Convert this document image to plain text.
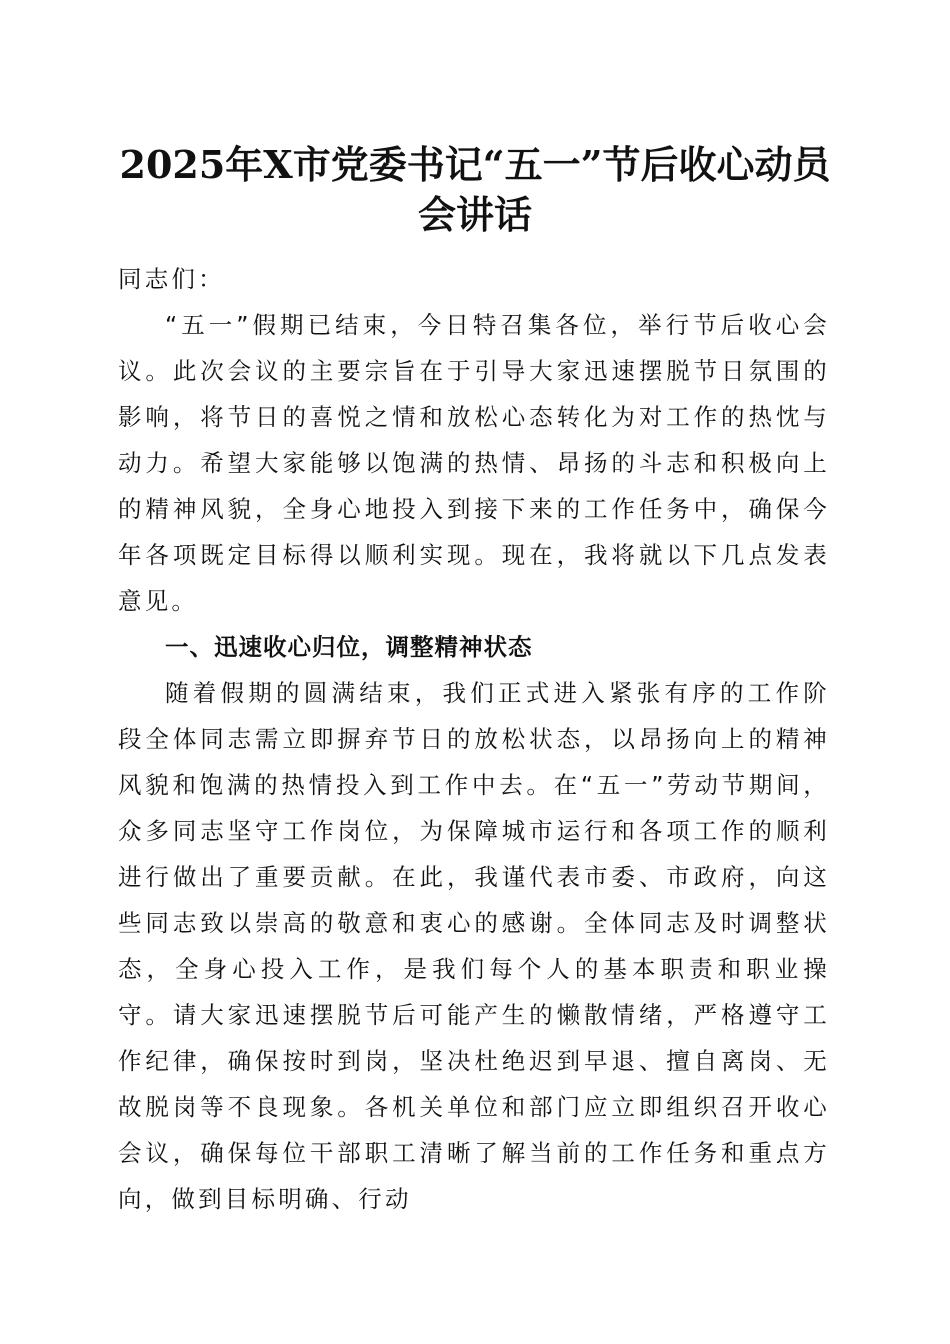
2025年X市党委书记“五一”节后收心动员
会讲话

同志们：

“五一”假期已结束，今日特召集各位，举行节后收心会议。此次会议的主要宗旨在于引导大家迅速摆脱节日氛围的影响，将节日的喜悦之情和放松心态转化为对工作的热忱与动力。希望大家能够以饱满的热情、昂扬的斗志和积极向上的精神风貌，全身心地投入到接下来的工作任务中，确保今年各项既定目标得以顺利实现。现在，我将就以下几点发表意见。

一、迅速收心归位，调整精神状态

随着假期的圆满结束，我们正式进入紧张有序的工作阶段全体同志需立即摒弃节日的放松状态，以昂扬向上的精神风貌和饱满的热情投入到工作中去。在“五一”劳动节期间，众多同志坚守工作岗位，为保障城市运行和各项工作的顺利进行做出了重要贡献。在此，我谨代表市委、市政府，向这些同志致以崇高的敬意和衷心的感谢。全体同志及时调整状态，全身心投入工作，是我们每个人的基本职责和职业操守。请大家迅速摆脱节后可能产生的懒散情绪，严格遵守工作纪律，确保按时到岗，坚决杜绝迟到早退、擅自离岗、无故脱岗等不良现象。各机关单位和部门应立即组织召开收心会议，确保每位干部职工清晰了解当前的工作任务和重点方向，做到目标明确、行动
